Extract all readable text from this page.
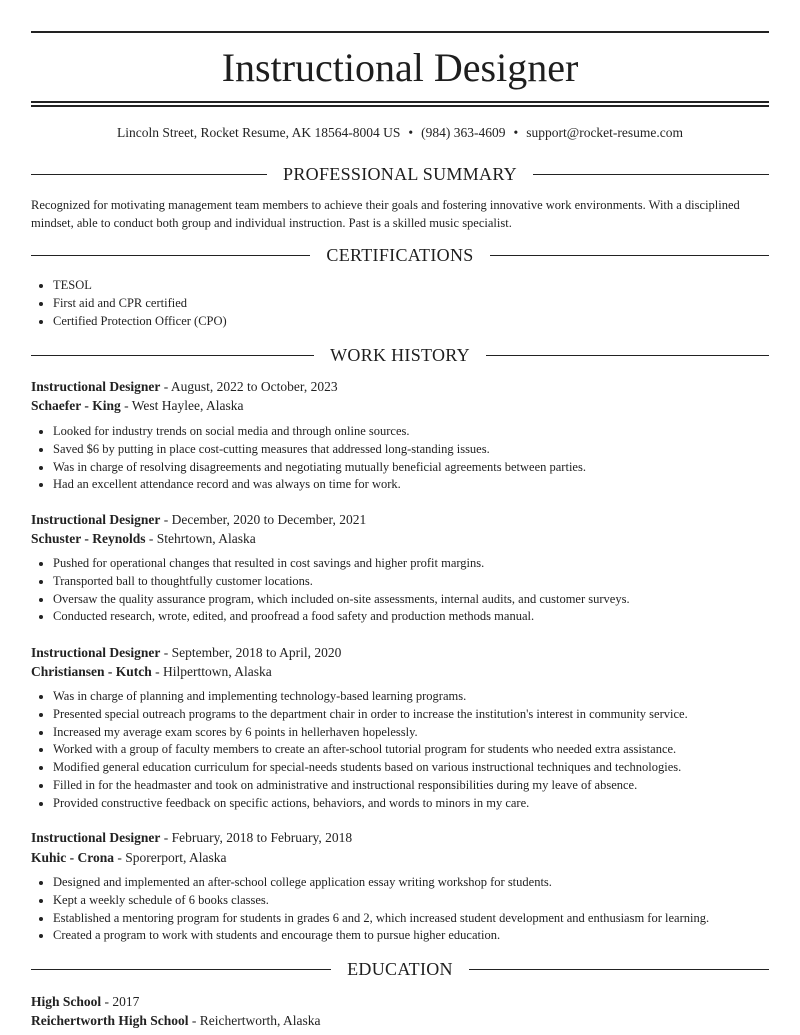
Instructional Designer
Lincoln Street, Rocket Resume, AK 18564-8004 US • (984) 363-4609 • support@rocket-resume.com
PROFESSIONAL SUMMARY
Recognized for motivating management team members to achieve their goals and fostering innovative work environments. With a disciplined mindset, able to conduct both group and individual instruction. Past is a skilled music specialist.
CERTIFICATIONS
• TESOL
• First aid and CPR certified
• Certified Protection Officer (CPO)
WORK HISTORY
Instructional Designer - August, 2022 to October, 2023
Schaefer - King - West Haylee, Alaska
• Looked for industry trends on social media and through online sources.
• Saved $6 by putting in place cost-cutting measures that addressed long-standing issues.
• Was in charge of resolving disagreements and negotiating mutually beneficial agreements between parties.
• Had an excellent attendance record and was always on time for work.
Instructional Designer - December, 2020 to December, 2021
Schuster - Reynolds - Stehrtown, Alaska
• Pushed for operational changes that resulted in cost savings and higher profit margins.
• Transported ball to thoughtfully customer locations.
• Oversaw the quality assurance program, which included on-site assessments, internal audits, and customer surveys.
• Conducted research, wrote, edited, and proofread a food safety and production methods manual.
Instructional Designer - September, 2018 to April, 2020
Christiansen - Kutch - Hilperttown, Alaska
• Was in charge of planning and implementing technology-based learning programs.
• Presented special outreach programs to the department chair in order to increase the institution's interest in community service.
• Increased my average exam scores by 6 points in hellerhaven hopelessly.
• Worked with a group of faculty members to create an after-school tutorial program for students who needed extra assistance.
• Modified general education curriculum for special-needs students based on various instructional techniques and technologies.
• Filled in for the headmaster and took on administrative and instructional responsibilities during my leave of absence.
• Provided constructive feedback on specific actions, behaviors, and words to minors in my care.
Instructional Designer - February, 2018 to February, 2018
Kuhic - Crona - Sporerport, Alaska
• Designed and implemented an after-school college application essay writing workshop for students.
• Kept a weekly schedule of 6 books classes.
• Established a mentoring program for students in grades 6 and 2, which increased student development and enthusiasm for learning.
• Created a program to work with students and encourage them to pursue higher education.
EDUCATION
High School - 2017
Reichertworth High School - Reichertworth, Alaska
